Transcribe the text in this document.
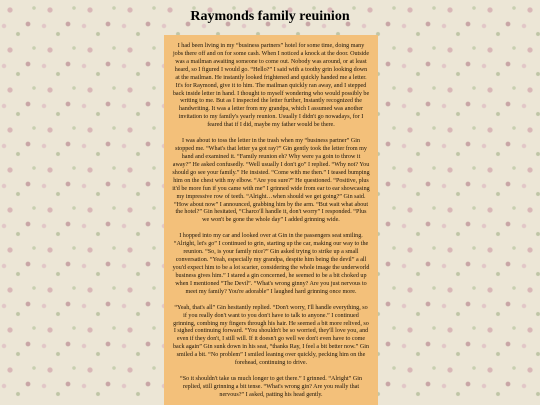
Raymonds family reuinion

I had been living in my “business partners” hotel for some time, doing many jobs there off and on for some cash. When I noticed a knock at the door. Outside was a mailman awaiting someone to come out. Nobody was around, or at least heard, so I figured I would go. “Hello?” I said with a toothy grin looking down at the mailman. He instantly looked frightened and quickly handed me a letter. It's for Raymond, give it to him. The mailman quickly ran away, and I stepped back inside letter in hand. I thought to myself wondering who would possibly be writing to me. But as I inspected the letter further, Instantly recognized the handwriting. It was a letter from my grandpa, which I assumed was another invitation to my family's yearly reunion. Usually I didn't go nowadays, for I feared that if I did, maybe my father would be there.

I was about to toss the letter in the trash when my “business partner” Gin stopped me. “What's that letter ya got ray?” Gin gently took the letter from my hand and examined it. “Family reunion eh? Why were ya goin to throw it away?” He asked confusedly. “Well usually I don't go” I replied. “Why not? You should go see your family.” He insisted. “Come with me then.” I teased bumping him on the chest with my elbow. “Are you sure?” He questioned. “Positive, plus it'd be more fun if you came with me” I grinned wide from ear to ear showcasing my impressive row of teeth. “Alright…when should we get going?” Gin said. “How about now” I announced, grabbing him by the arm. “But wait what about the hotel?” Gin hesitated, “Charco'll handle it, don't worry” I responded. “Plus we won't be gone the whole day” I added grinning wide.

I hopped into my car and looked over at Gin in the passengers seat smiling. “Alright, let's go” I continued to grin, starting up the car, making our way to the reunion. “So, is your family nice?” Gin asked trying to strike up a small conversation. “Yeah, especially my grandpa, despite him being the devil” a all you'd expect him to be a lot scarier, considering the whole image the underworld business gives him.” I stared a gin concerned, he seemed to be a bit choked up when I mentioned “The Devil”. “What's wrong ginny? Are you just nervous to meet my family? You're adorable” I laughed hard grinning once more.

“Yeah, that's all” Gin hesitantly replied. “Don't worry, I'll handle everything, so if you really don't want to you don't have to talk to anyone.” I continued grinning, combing my fingers through his hair. He seemed a bit more relived, so I sighed continuing forward. “You shouldn't be so worried, they'll love you, and even if they don't, I still will. If it doesn't go well we don't even have to come back again” Gin sunk down in his seat, “thanks Ray, I feel a bit better now.” Gin smiled a bit. “No problem” I smiled leaning over quickly, pecking him on the forehead, continuing to drive.

“So it shouldn't take us much longer to get there.” I grinned. “Alright” Gin replied, still grinning a bit tense. “What's wrong gin? Are you really that nervous?” I asked, patting his head gently.
